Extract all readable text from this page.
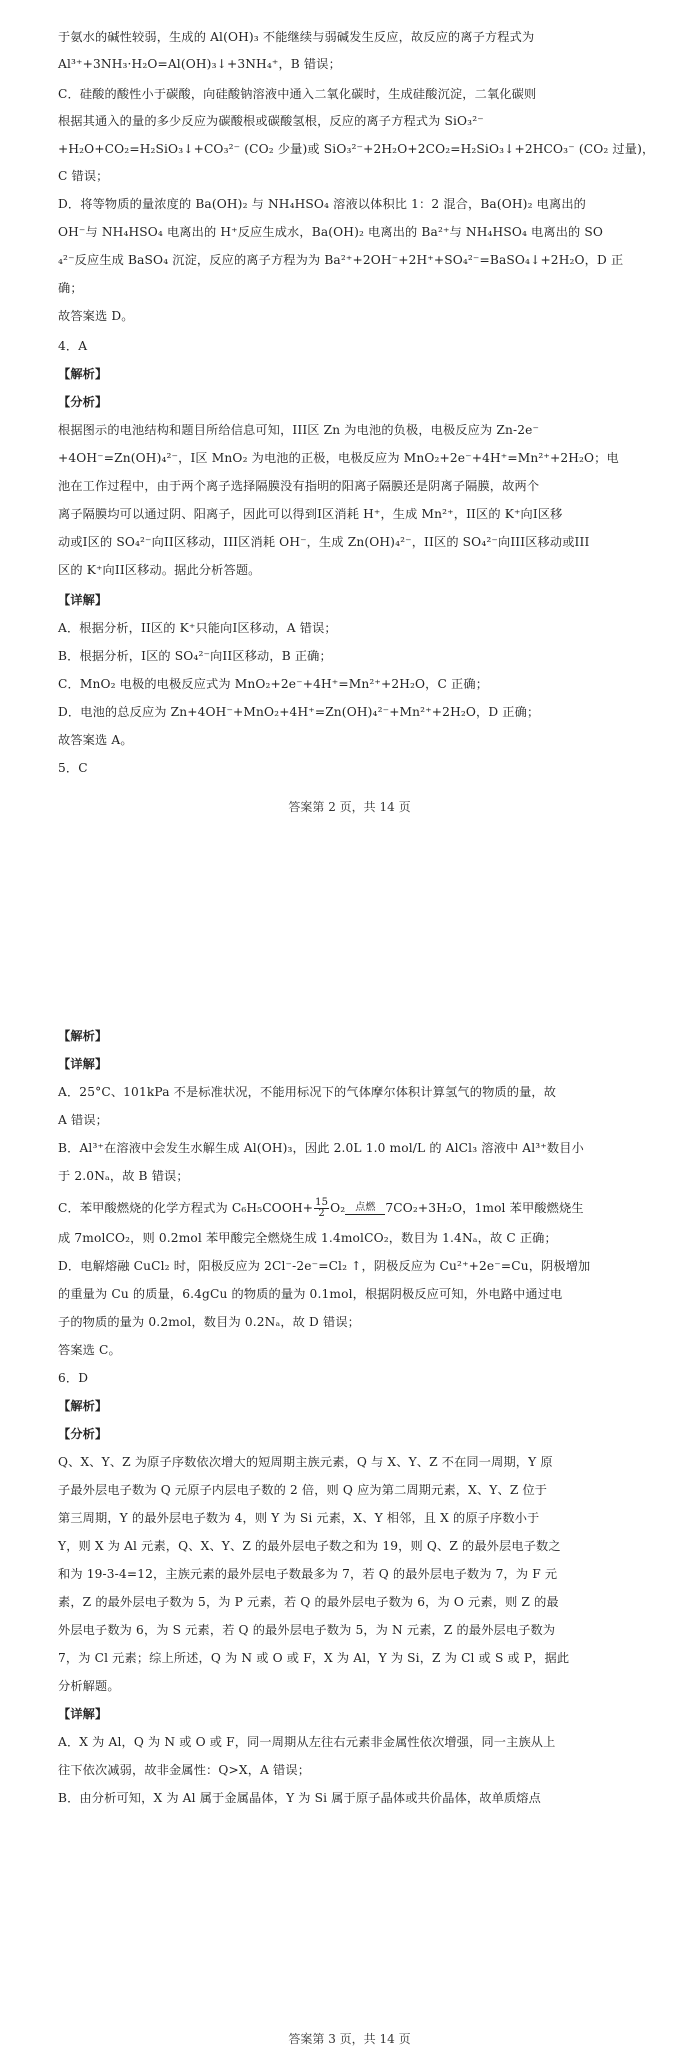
于氨水的碱性较弱，生成的 Al(OH)₃ 不能继续与弱碱发生反应，故反应的离子方程式为
Al³⁺+3NH₃·H₂O=Al(OH)₃↓+3NH₄⁺，B 错误；
C．硅酸的酸性小于碳酸，向硅酸钠溶液中通入二氧化碳时，生成硅酸沉淀，二氧化碳则
根据其通入的量的多少反应为碳酸根或碳酸氢根，反应的离子方程式为 SiO₃²⁻
+H₂O+CO₂=H₂SiO₃↓+CO₃²⁻ (CO₂ 少量)或 SiO₃²⁻+2H₂O+2CO₂=H₂SiO₃↓+2HCO₃⁻ (CO₂ 过量)，
C 错误；
D．将等物质的量浓度的 Ba(OH)₂ 与 NH₄HSO₄ 溶液以体积比 1：2 混合，Ba(OH)₂ 电离出的
OH⁻与 NH₄HSO₄ 电离出的 H⁺反应生成水，Ba(OH)₂ 电离出的 Ba²⁺与 NH₄HSO₄ 电离出的 SO
₄²⁻反应生成 BaSO₄ 沉淀，反应的离子方程为为 Ba²⁺+2OH⁻+2H⁺+SO₄²⁻=BaSO₄↓+2H₂O，D 正
确；
故答案选 D。
4．A
【解析】
【分析】
根据图示的电池结构和题目所给信息可知，III区 Zn 为电池的负极，电极反应为 Zn-2e⁻
+4OH⁻=Zn(OH)₄²⁻，I区 MnO₂ 为电池的正极，电极反应为 MnO₂+2e⁻+4H⁺=Mn²⁺+2H₂O；电
池在工作过程中，由于两个离子选择隔膜没有指明的阳离子隔膜还是阴离子隔膜，故两个
离子隔膜均可以通过阴、阳离子，因此可以得到I区消耗 H⁺，生成 Mn²⁺，II区的 K⁺向I区移
动或I区的 SO₄²⁻向II区移动，III区消耗 OH⁻，生成 Zn(OH)₄²⁻，II区的 SO₄²⁻向III区移动或III
区的 K⁺向II区移动。据此分析答题。
【详解】
A．根据分析，II区的 K⁺只能向I区移动，A 错误；
B．根据分析，I区的 SO₄²⁻向II区移动，B 正确；
C．MnO₂ 电极的电极反应式为 MnO₂+2e⁻+4H⁺=Mn²⁺+2H₂O，C 正确；
D．电池的总反应为 Zn+4OH⁻+MnO₂+4H⁺=Zn(OH)₄²⁻+Mn²⁺+2H₂O，D 正确；
故答案选 A。
5．C
答案第 2 页，共 14 页
【解析】
【详解】
A．25°C、101kPa 不是标准状况，不能用标况下的气体摩尔体积计算氢气的物质的量，故
A 错误；
B．Al³⁺在溶液中会发生水解生成 Al(OH)₃，因此 2.0L 1.0 mol/L 的 AlCl₃ 溶液中 Al³⁺数目小
于 2.0Nₐ，故 B 错误；
C．苯甲酸燃烧的化学方程式为 C₆H₅COOH+ $\frac{15}{2} O_2$ 点燃 7CO₂+3H₂O，1mol 苯甲酸燃烧生
成 7molCO₂，则 0.2mol 苯甲酸完全燃烧生成 1.4molCO₂，数目为 1.4Nₐ，故 C 正确；
D．电解熔融 CuCl₂ 时，阳极反应为 2Cl⁻-2e⁻=Cl₂ ↑，阴极反应为 Cu²⁺+2e⁻=Cu，阴极增加
的重量为 Cu 的质量，6.4gCu 的物质的量为 0.1mol，根据阴极反应可知，外电路中通过电
子的物质的量为 0.2mol，数目为 0.2Nₐ，故 D 错误；
答案选 C。
6．D
【解析】
【分析】
Q、X、Y、Z 为原子序数依次增大的短周期主族元素，Q 与 X、Y、Z 不在同一周期，Y 原
子最外层电子数为 Q 元原子内层电子数的 2 倍，则 Q 应为第二周期元素，X、Y、Z 位于
第三周期，Y 的最外层电子数为 4，则 Y 为 Si 元素，X、Y 相邻，且 X 的原子序数小于
Y，则 X 为 Al 元素，Q、X、Y、Z 的最外层电子数之和为 19，则 Q、Z 的最外层电子数之
和为 19-3-4=12，主族元素的最外层电子数最多为 7，若 Q 的最外层电子数为 7，为 F 元
素，Z 的最外层电子数为 5，为 P 元素，若 Q 的最外层电子数为 6，为 O 元素，则 Z 的最
外层电子数为 6，为 S 元素，若 Q 的最外层电子数为 5，为 N 元素，Z 的最外层电子数为
7，为 Cl 元素；综上所述，Q 为 N 或 O 或 F，X 为 Al，Y 为 Si，Z 为 Cl 或 S 或 P，据此
分析解题。
【详解】
A．X 为 Al，Q 为 N 或 O 或 F，同一周期从左往右元素非金属性依次增强，同一主族从上
往下依次减弱，故非金属性：Q>X，A 错误；
B．由分析可知，X 为 Al 属于金属晶体，Y 为 Si 属于原子晶体或共价晶体，故单质熔点
答案第 3 页，共 14 页
